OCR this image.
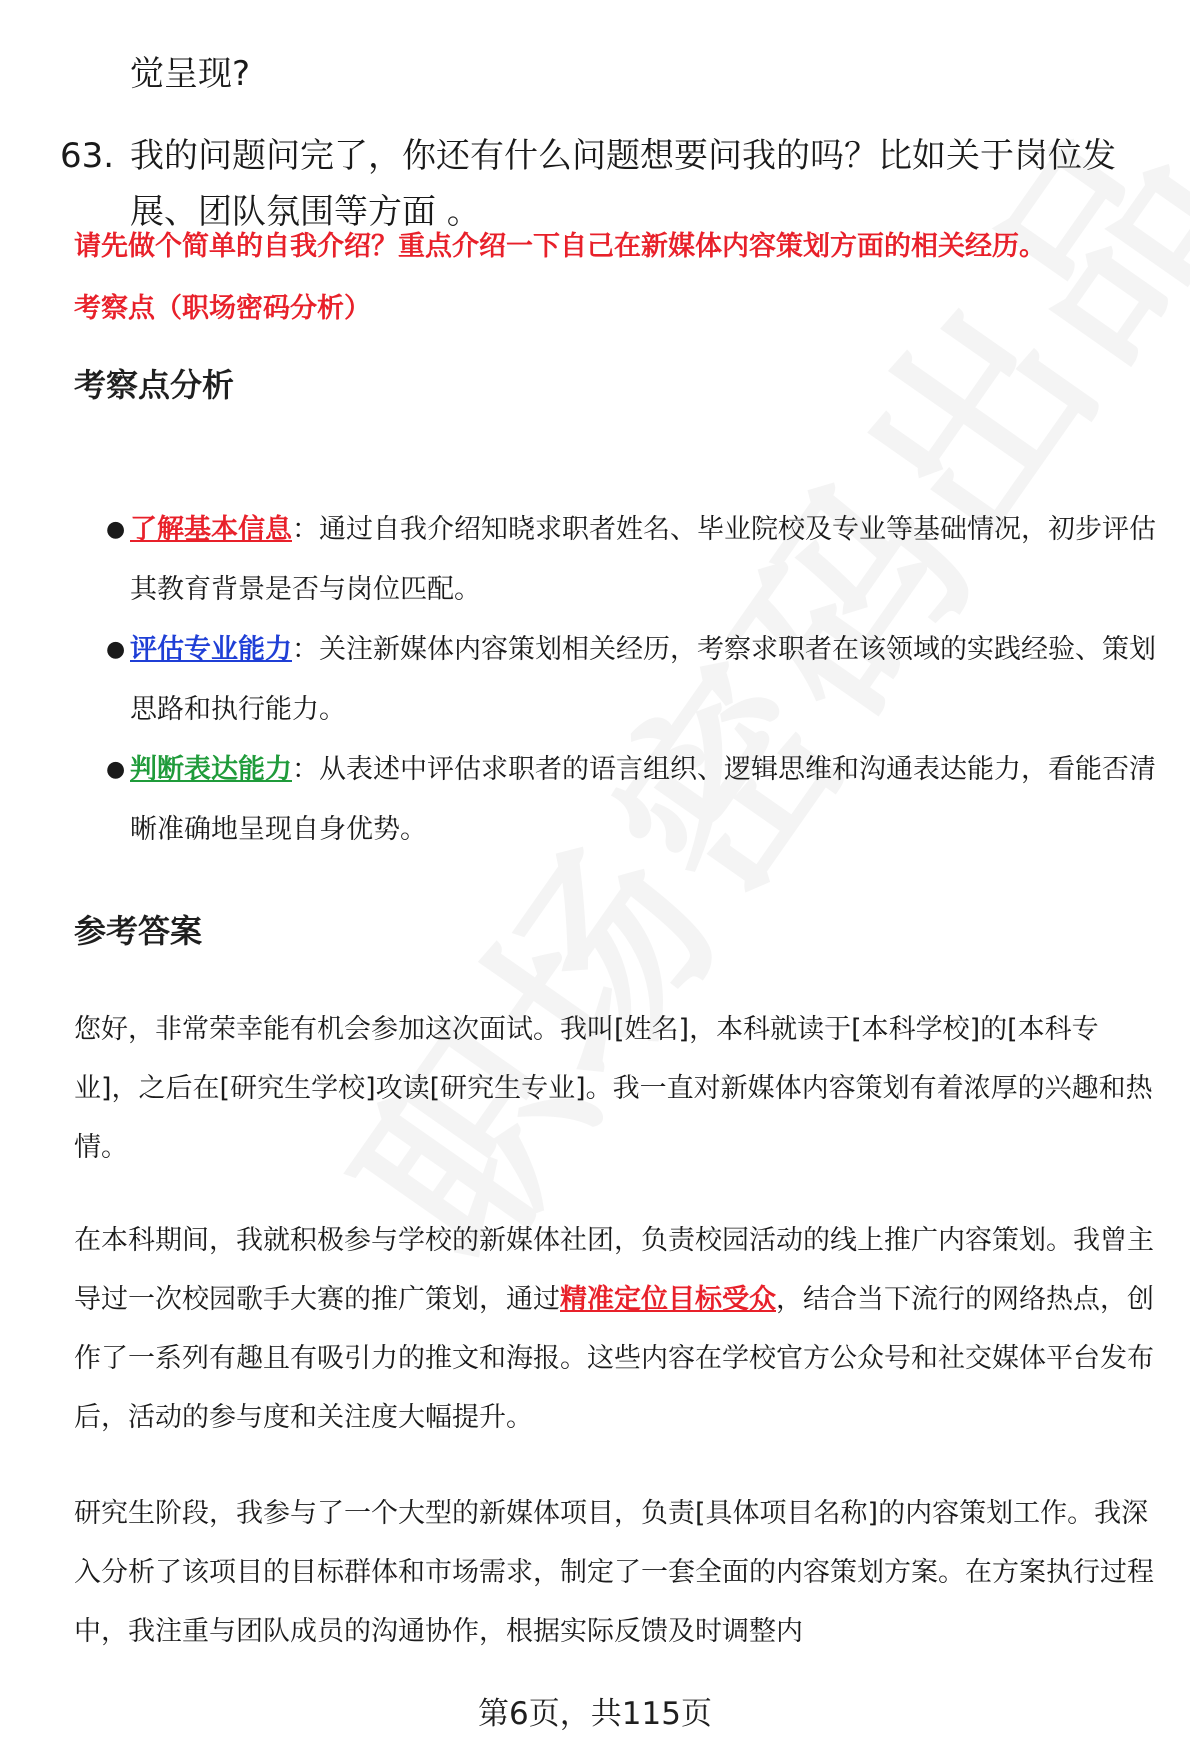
觉呈现?
63. 我的问题问完了，你还有什么问题想要问我的吗？比如关于岗位发展、团队氛围等方面 。
请先做个简单的自我介绍？重点介绍一下自己在新媒体内容策划方面的相关经历。
考察点（职场密码分析）
考察点分析
● 了解基本信息：通过自我介绍知晓求职者姓名、毕业院校及专业等基础情况，初步评估其教育背景是否与岗位匹配。
● 评估专业能力：关注新媒体内容策划相关经历，考察求职者在该领域的实践经验、策划思路和执行能力。
● 判断表达能力：从表述中评估求职者的语言组织、逻辑思维和沟通表达能力，看能否清晰准确地呈现自身优势。
参考答案
您好，非常荣幸能有机会参加这次面试。我叫[姓名]，本科就读于[本科学校]的[本科专业]，之后在[研究生学校]攻读[研究生专业]。我一直对新媒体内容策划有着浓厚的兴趣和热情。
在本科期间，我就积极参与学校的新媒体社团，负责校园活动的线上推广内容策划。我曾主导过一次校园歌手大赛的推广策划，通过精准定位目标受众，结合当下流行的网络热点，创作了一系列有趣且有吸引力的推文和海报。这些内容在学校官方公众号和社交媒体平台发布后，活动的参与度和关注度大幅提升。
研究生阶段，我参与了一个大型的新媒体项目，负责[具体项目名称]的内容策划工作。我深入分析了该项目的目标群体和市场需求，制定了一套全面的内容策划方案。在方案执行过程中，我注重与团队成员的沟通协作，根据实际反馈及时调整内
第6页，共115页
